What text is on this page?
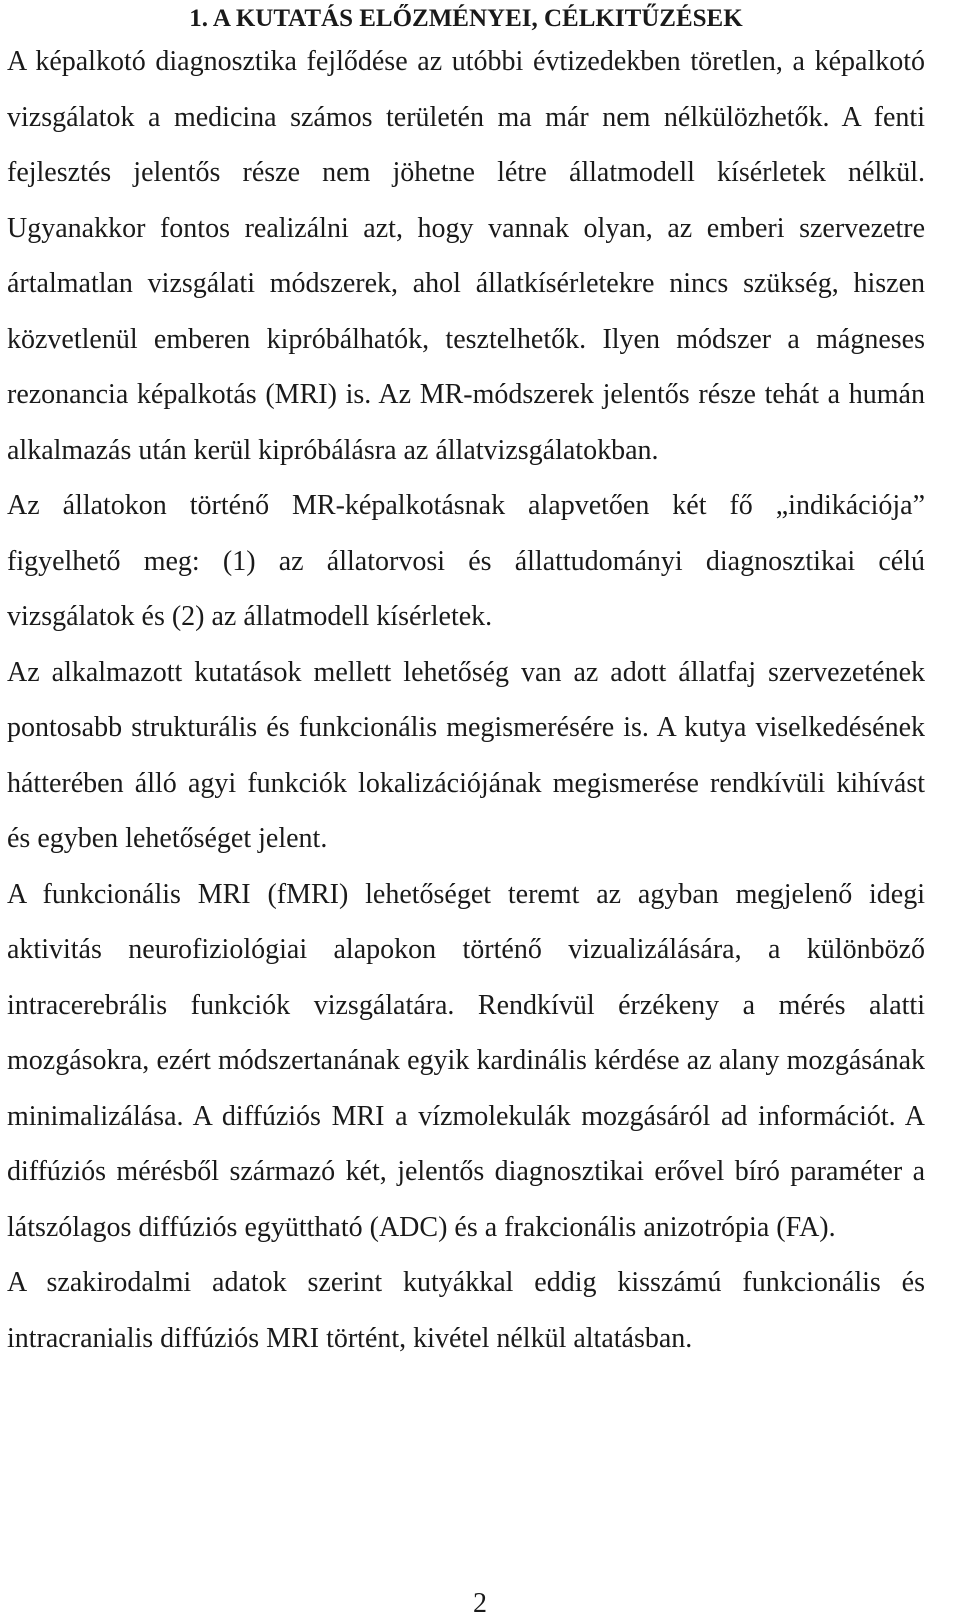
1. A KUTATÁS ELŐZMÉNYEI, CÉLKITŰZÉSEK

A képalkotó diagnosztika fejlődése az utóbbi évtizedekben töretlen, a képalkotó vizsgálatok a medicina számos területén ma már nem nélkülözhetők. A fenti fejlesztés jelentős része nem jöhetne létre állatmodell kísérletek nélkül. Ugyanakkor fontos realizálni azt, hogy vannak olyan, az emberi szervezetre ártalmatlan vizsgálati módszerek, ahol állatkísérletekre nincs szükség, hiszen közvetlenül emberen kipróbálhatók, tesztelhetők. Ilyen módszer a mágneses rezonancia képalkotás (MRI) is. Az MR-módszerek jelentős része tehát a humán alkalmazás után kerül kipróbálásra az állatvizsgálatokban.

Az állatokon történő MR-képalkotásnak alapvetően két fő „indikációja” figyelhető meg: (1) az állatorvosi és állattudományi diagnosztikai célú vizsgálatok és (2) az állatmodell kísérletek.

Az alkalmazott kutatások mellett lehetőség van az adott állatfaj szervezetének pontosabb strukturális és funkcionális megismerésére is. A kutya viselkedésének hátterében álló agyi funkciók lokalizációjának megismerése rendkívüli kihívást és egyben lehetőséget jelent.

A funkcionális MRI (fMRI) lehetőséget teremt az agyban megjelenő idegi aktivitás neurofiziológiai alapokon történő vizualizálására, a különböző intracerebrális funkciók vizsgálatára. Rendkívül érzékeny a mérés alatti mozgásokra, ezért módszertanának egyik kardinális kérdése az alany mozgásának minimalizálása. A diffúziós MRI a vízmolekulák mozgásáról ad információt. A diffúziós mérésből származó két, jelentős diagnosztikai erővel bíró paraméter a látszólagos diffúziós együttható (ADC) és a frakcionális anizotrópia (FA).

A szakirodalmi adatok szerint kutyákkal eddig kisszámú funkcionális és intracranialis diffúziós MRI történt, kivétel nélkül altatásban.

2
